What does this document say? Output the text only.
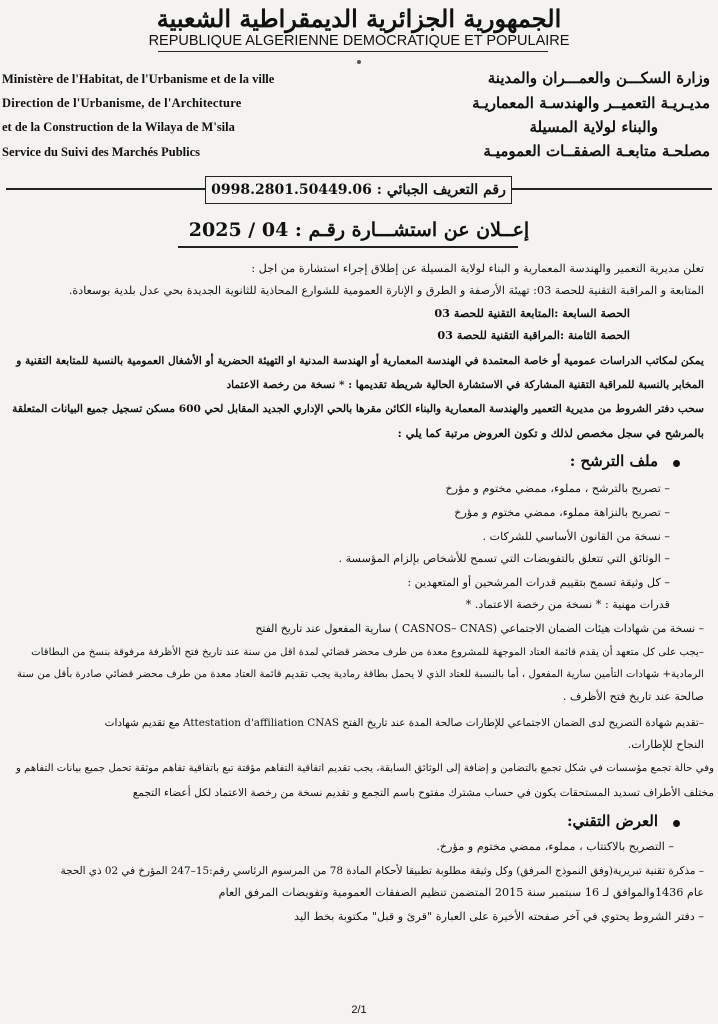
الجمهورية الجزائرية الديمقراطية الشعبية
REPUBLIQUE ALGERIENNE DEMOCRATIQUE ET POPULAIRE
Ministère de l'Habitat, de l'Urbanisme et de la ville
Direction de l'Urbanisme, de l'Architecture
et de la Construction de la Wilaya de M'sila
Service du Suivi des Marchés Publics
وزارة السكـــن والعمـــران والمدينة
مديـريـة التعميــر والهندسـة المعماريـة
والبناء لولاية المسيلة
مصلحـة متابعـة الصفقــات العموميـة
رقم التعريف الجبائي : 0998.2801.50449.06
إعــلان عن استشـــارة رقـم : 04 / 2025
تعلن مديرية التعمير والهندسة المعمارية و البناء لولاية المسيلة عن إطلاق إجراء استشارة من اجل :
المتابعة و المراقبة التقنية للحصة 03: تهيئة الأرصفة و الطرق و الإنارة العمومية للشوارع المحاذية للثانوية الجديدة بحي عدل بلدية بوسعادة.
الحصة السابعة :المتابعة التقنية للحصة 03
الحصة الثامنة :المراقبة التقنية للحصة 03
يمكن لمكاتب الدراسات عمومية أو خاصة المعتمدة في الهندسة المعمارية أو الهندسة المدنية او التهيئة الحضرية أو الأشغال العمومية بالنسبة للمتابعة التقنية و
المخابر بالنسبة للمراقبة التقنية المشاركة في الاستشارة الحالية شريطة تقديمها : * نسخة من رخصة الاعتماد
سحب دفتر الشروط من مديرية التعمير والهندسة المعمارية والبناء الكائن مقرها بالحي الإداري الجديد المقابل لحي 600 مسكن تسجيل جميع البيانات المتعلقة
بالمرشح في سجل مخصص لذلك و تكون العروض مرتبة كما يلي :
ملف الترشح :
– تصريح بالترشح ، مملوء، ممضي مختوم و مؤرخ
– تصريح بالنزاهة مملوء، ممضي مختوم و مؤرخ
– نسخة من القانون الأساسي للشركات .
– الوثائق التي تتعلق بالتفويضات التي تسمح للأشخاص بإلزام المؤسسة .
– كل وثيقة تسمح بتقييم قدرات المرشحين أو المتعهدين :
قدرات مهنية : * نسخة من رخصة الاعتماد. *
– نسخة من شهادات هيئات الضمان الاجتماعي (CASNOS– CNAS ) سارية المفعول عند تاريخ الفتح
–يجب على كل متعهد أن يقدم قائمة العتاد الموجهة للمشروع معدة من طرف محضر قضائي لمدة اقل من سنة عند تاريخ فتح الأظرفة مرفوقة بنسخ من البطاقات
الرمادية+ شهادات التأمين سارية المفعول ، أما بالنسبة للعتاد الذي لا يحمل بطاقة رمادية يجب تقديم قائمة العتاد معدة من طرف محضر قضائي صادرة بأقل من سنة
صالحة عند تاريخ فتح الأظرف .
–تقديم شهادة التصريح لدى الضمان الاجتماعي للإطارات صالحة المدة عند تاريخ الفتح Attestation d'affiliation CNAS مع تقديم شهادات
النجاح للإطارات.
وفي حالة تجمع مؤسسات في شكل تجمع بالتضامن و إضافة إلى الوثائق السابقة، يجب تقديم اتفاقية التفاهم مؤقتة تبع باتفاقية تفاهم موثقة تحمل جميع بيانات التفاهم و
مختلف الأطراف تسديد المستحقات يكون في حساب مشترك مفتوح باسم التجمع و تقديم نسخة من رخصة الاعتماد لكل أعضاء التجمع
العرض التقني:
– التصريح بالاكتتاب ، مملوء، ممضي مختوم و مؤرخ.
– مذكرة تقنية تبريرية(وفق النموذج المرفق) وكل وثيقة مطلوبة تطبيقا لأحكام المادة 78 من المرسوم الرئاسي رقم:15–247 المؤرخ في 02 ذي الحجة
عام 1436والموافق لـ 16 سبتمبر سنة 2015 المتضمن تنظيم الصفقات العمومية وتفويضات المرفق العام
– دفتر الشروط يحتوي في آخر صفحته الأخيرة على العبارة "قرئ و قبل" مكتوبة بخط اليد
2/1
